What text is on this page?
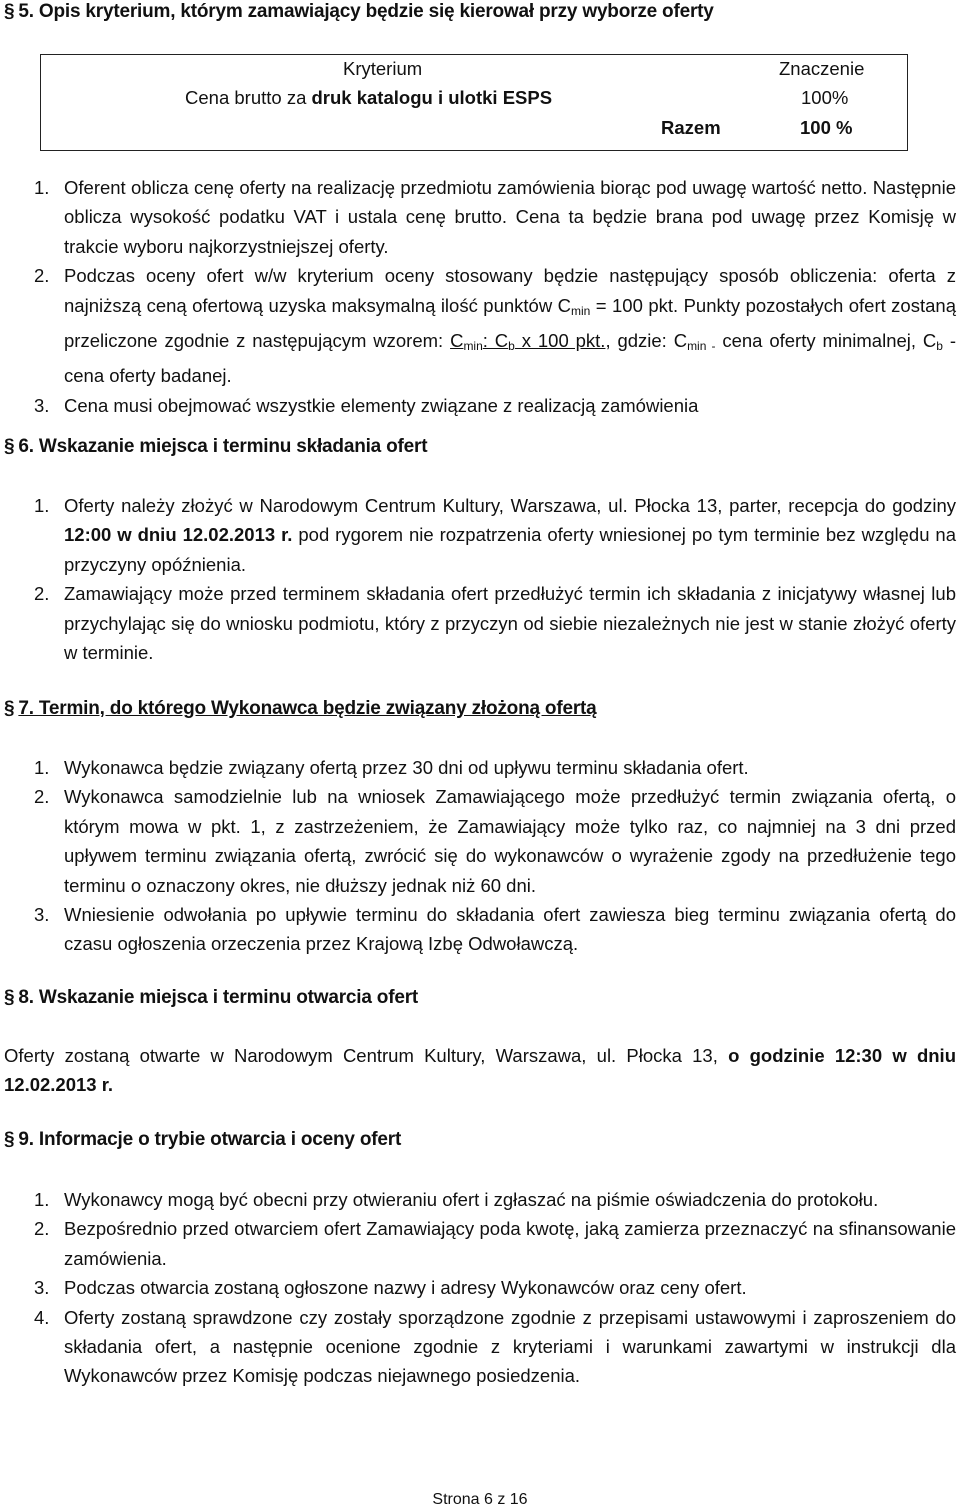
§ 5. Opis kryterium, którym zamawiający będzie się kierował przy wyborze oferty
Kryterium	Znaczenie
Cena brutto za druk katalogu i ulotki ESPS	100%
Razem	100 %
1. Oferent oblicza cenę oferty na realizację przedmiotu zamówienia biorąc pod uwagę wartość netto. Następnie oblicza wysokość podatku VAT i ustala cenę brutto. Cena ta będzie brana pod uwagę przez Komisję w trakcie wyboru najkorzystniejszej oferty.
2. Podczas oceny ofert w/w kryterium oceny stosowany będzie następujący sposób obliczenia: oferta z najniższą ceną ofertową uzyska maksymalną ilość punktów $C_{min} = 100$ pkt. Punkty pozostałych ofert zostaną przeliczone zgodnie z następującym wzorem: $C_{min}$: $C_b$ x 100 pkt., gdzie: $C_{min -}$ cena oferty minimalnej, $C_b$ - cena oferty badanej.
3. Cena musi obejmować wszystkie elementy związane z realizacją zamówienia
§ 6. Wskazanie miejsca i terminu składania ofert
1. Oferty należy złożyć w Narodowym Centrum Kultury, Warszawa, ul. Płocka 13, parter, recepcja do godziny 12:00 w dniu 12.02.2013 r. pod rygorem nie rozpatrzenia oferty wniesionej po tym terminie bez względu na przyczyny opóźnienia.
2. Zamawiający może przed terminem składania ofert przedłużyć termin ich składania z inicjatywy własnej lub przychylając się do wniosku podmiotu, który z przyczyn od siebie niezależnych nie jest w stanie złożyć oferty w terminie.
§ 7. Termin, do którego Wykonawca będzie związany złożoną ofertą
1. Wykonawca będzie związany ofertą przez 30 dni od upływu terminu składania ofert.
2. Wykonawca samodzielnie lub na wniosek Zamawiającego może przedłużyć termin związania ofertą, o którym mowa w pkt. 1, z zastrzeżeniem, że Zamawiający może tylko raz, co najmniej na 3 dni przed upływem terminu związania ofertą, zwrócić się do wykonawców o wyrażenie zgody na przedłużenie tego terminu o oznaczony okres, nie dłuższy jednak niż 60 dni.
3. Wniesienie odwołania po upływie terminu do składania ofert zawiesza bieg terminu związania ofertą do czasu ogłoszenia orzeczenia przez Krajową Izbę Odwoławczą.
§ 8. Wskazanie miejsca i terminu otwarcia ofert
Oferty zostaną otwarte w Narodowym Centrum Kultury, Warszawa, ul. Płocka 13, o godzinie 12:30 w dniu 12.02.2013 r.
§ 9. Informacje o trybie otwarcia i oceny ofert
1. Wykonawcy mogą być obecni przy otwieraniu ofert i zgłaszać na piśmie oświadczenia do protokołu.
2. Bezpośrednio przed otwarciem ofert Zamawiający poda kwotę, jaką zamierza przeznaczyć na sfinansowanie zamówienia.
3. Podczas otwarcia zostaną ogłoszone nazwy i adresy Wykonawców oraz ceny ofert.
4. Oferty zostaną sprawdzone czy zostały sporządzone zgodnie z przepisami ustawowymi i zaproszeniem do składania ofert, a następnie ocenione zgodnie z kryteriami i warunkami zawartymi w instrukcji dla Wykonawców przez Komisję podczas niejawnego posiedzenia.
Strona 6 z 16
